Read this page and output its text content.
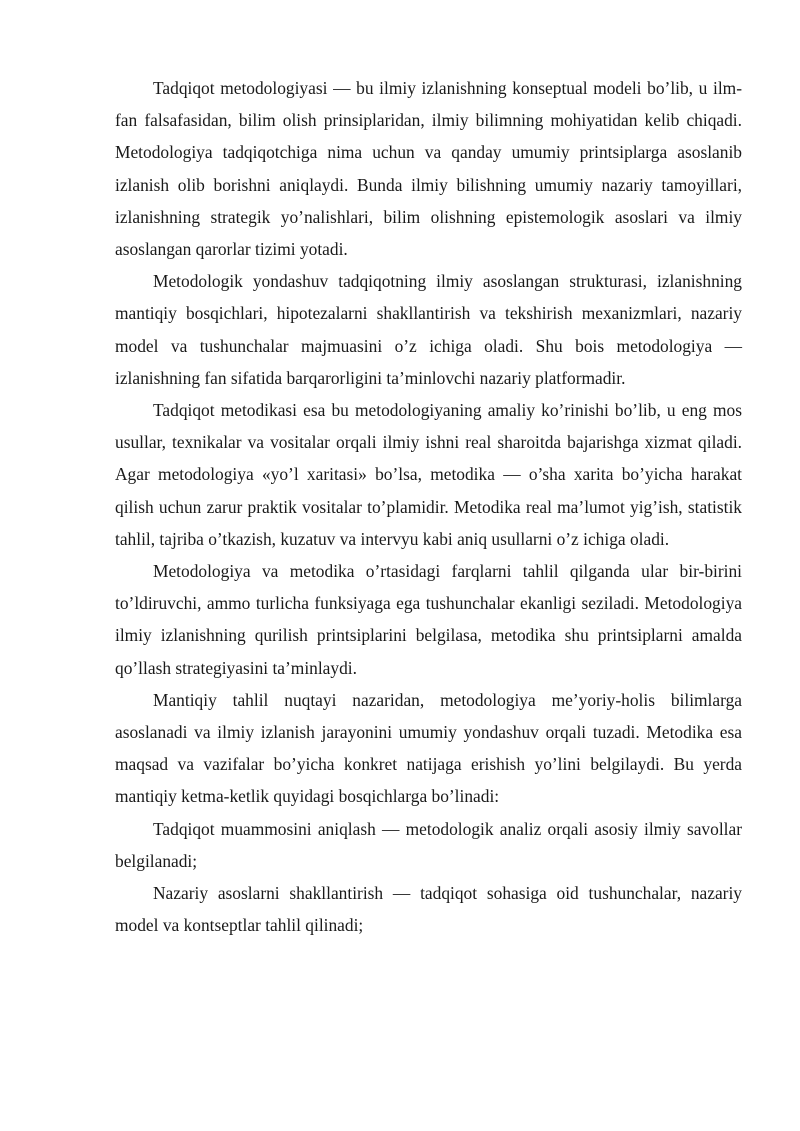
Tadqiqot metodologiyasi — bu ilmiy izlanishning konseptual modeli bo’lib, u ilm-fan falsafasidan, bilim olish prinsiplaridan, ilmiy bilimning mohiyatidan kelib chiqadi. Metodologiya tadqiqotchiga nima uchun va qanday umumiy printsiplarga asoslanib izlanish olib borishni aniqlaydi. Bunda ilmiy bilishning umumiy nazariy tamoyillari, izlanishning strategik yo’nalishlari, bilim olishning epistemologik asoslari va ilmiy asoslangan qarorlar tizimi yotadi.

Metodologik yondashuv tadqiqotning ilmiy asoslangan strukturasi, izlanishning mantiqiy bosqichlari, hipotezalarni shakllantirish va tekshirish mexanizmlari, nazariy model va tushunchalar majmuasini o’z ichiga oladi. Shu bois metodologiya — izlanishning fan sifatida barqarorligini ta’minlovchi nazariy platformadir.

Tadqiqot metodikasi esa bu metodologiyaning amaliy ko’rinishi bo’lib, u eng mos usullar, texnikalar va vositalar orqali ilmiy ishni real sharoitda bajarishga xizmat qiladi. Agar metodologiya «yo’l xaritasi» bo’lsa, metodika — o’sha xarita bo’yicha harakat qilish uchun zarur praktik vositalar to’plamidir. Metodika real ma’lumot yig’ish, statistik tahlil, tajriba o’tkazish, kuzatuv va intervyu kabi aniq usullarni o’z ichiga oladi.

Metodologiya va metodika o’rtasidagi farqlarni tahlil qilganda ular bir-birini to’ldiruvchi, ammo turlicha funksiyaga ega tushunchalar ekanligi seziladi. Metodologiya ilmiy izlanishning qurilish printsiplarini belgilasa, metodika shu printsiplarni amalda qo’llash strategiyasini ta’minlaydi.

Mantiqiy tahlil nuqtayi nazaridan, metodologiya me’yoriy-holis bilimlarga asoslanadi va ilmiy izlanish jarayonini umumiy yondashuv orqali tuzadi. Metodika esa maqsad va vazifalar bo’yicha konkret natijaga erishish yo’lini belgilaydi. Bu yerda mantiqiy ketma-ketlik quyidagi bosqichlarga bo’linadi:

Tadqiqot muammosini aniqlash — metodologik analiz orqali asosiy ilmiy savollar belgilanadi;

Nazariy asoslarni shakllantirish — tadqiqot sohasiga oid tushunchalar, nazariy model va kontseptlar tahlil qilinadi;
